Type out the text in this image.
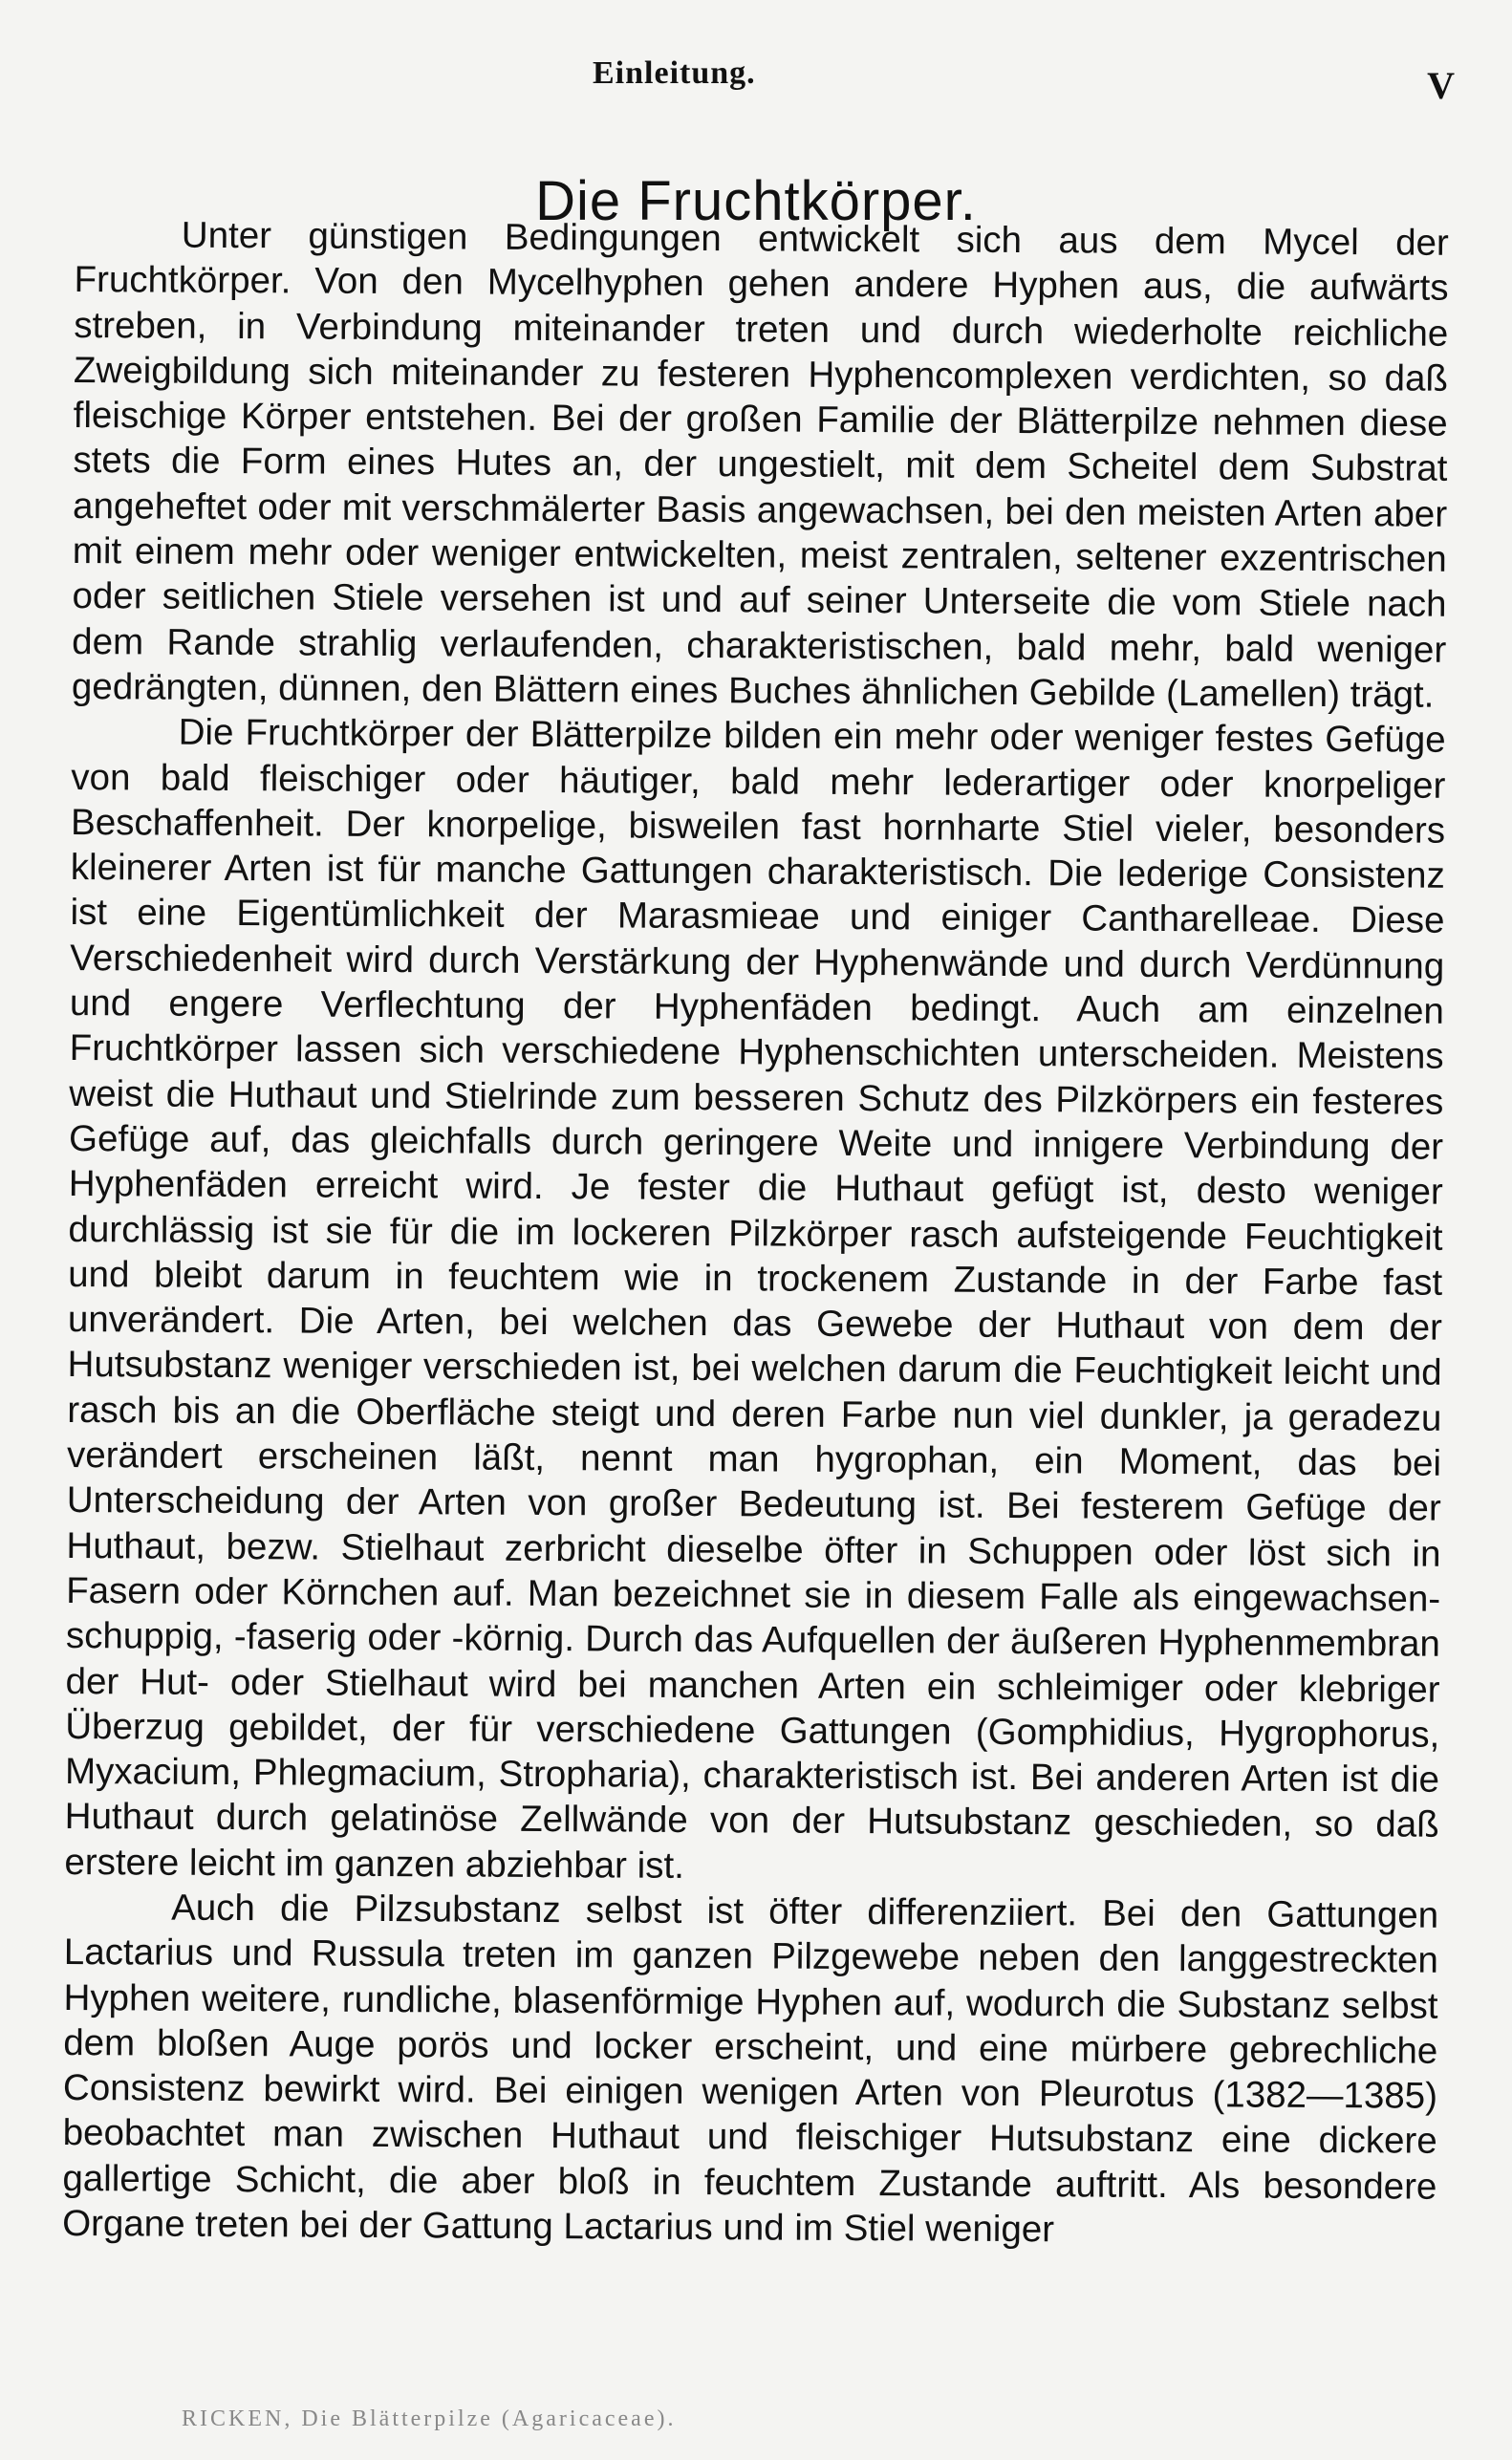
Einleitung.	V
Die Fruchtkörper.

Unter günstigen Bedingungen entwickelt sich aus dem Mycel der Fruchtkörper. Von den Mycelhyphen gehen andere Hyphen aus, die aufwärts streben, in Verbindung miteinander treten und durch wiederholte reichliche Zweigbildung sich miteinander zu festeren Hyphencomplexen verdichten, so daß fleischige Körper entstehen. Bei der großen Familie der Blätterpilze nehmen diese stets die Form eines Hutes an, der ungestielt, mit dem Scheitel dem Substrat angeheftet oder mit verschmälerter Basis angewachsen, bei den meisten Arten aber mit einem mehr oder weniger entwickelten, meist zentralen, seltener exzentrischen oder seitlichen Stiele versehen ist und auf seiner Unterseite die vom Stiele nach dem Rande strahlig verlaufenden, charakteristischen, bald mehr, bald weniger gedrängten, dünnen, den Blättern eines Buches ähnlichen Gebilde (Lamellen) trägt.

Die Fruchtkörper der Blätterpilze bilden ein mehr oder weniger festes Gefüge von bald fleischiger oder häutiger, bald mehr lederartiger oder knorpeliger Beschaffenheit. Der knorpelige, bisweilen fast hornharte Stiel vieler, besonders kleinerer Arten ist für manche Gattungen charakteristisch. Die lederige Consistenz ist eine Eigentümlichkeit der Marasmieae und einiger Cantharelleae. Diese Verschiedenheit wird durch Verstärkung der Hyphenwände und durch Verdünnung und engere Verflechtung der Hyphenfäden bedingt. Auch am einzelnen Fruchtkörper lassen sich verschiedene Hyphenschichten unterscheiden. Meistens weist die Huthaut und Stielrinde zum besseren Schutz des Pilzkörpers ein festeres Gefüge auf, das gleichfalls durch geringere Weite und innigere Verbindung der Hyphenfäden erreicht wird. Je fester die Huthaut gefügt ist, desto weniger durchlässig ist sie für die im lockeren Pilzkörper rasch aufsteigende Feuchtigkeit und bleibt darum in feuchtem wie in trockenem Zustande in der Farbe fast unverändert. Die Arten, bei welchen das Gewebe der Huthaut von dem der Hutsubstanz weniger verschieden ist, bei welchen darum die Feuchtigkeit leicht und rasch bis an die Oberfläche steigt und deren Farbe nun viel dunkler, ja geradezu verändert erscheinen läßt, nennt man hygrophan, ein Moment, das bei Unterscheidung der Arten von großer Bedeutung ist. Bei festerem Gefüge der Huthaut, bezw. Stielhaut zerbricht dieselbe öfter in Schuppen oder löst sich in Fasern oder Körnchen auf. Man bezeichnet sie in diesem Falle als eingewachsen-schuppig, -faserig oder -körnig. Durch das Aufquellen der äußeren Hyphenmembran der Hut- oder Stielhaut wird bei manchen Arten ein schleimiger oder klebriger Überzug gebildet, der für verschiedene Gattungen (Gomphidius, Hygrophorus, Myxacium, Phlegmacium, Stropharia), charakteristisch ist. Bei anderen Arten ist die Huthaut durch gelatinöse Zellwände von der Hutsubstanz geschieden, so daß erstere leicht im ganzen abziehbar ist.

Auch die Pilzsubstanz selbst ist öfter differenziiert. Bei den Gattungen Lactarius und Russula treten im ganzen Pilzgewebe neben den langgestreckten Hyphen weitere, rundliche, blasenförmige Hyphen auf, wodurch die Substanz selbst dem bloßen Auge porös und locker erscheint, und eine mürbere gebrechliche Consistenz bewirkt wird. Bei einigen wenigen Arten von Pleurotus (1382—1385) beobachtet man zwischen Huthaut und fleischiger Hutsubstanz eine dickere gallertige Schicht, die aber bloß in feuchtem Zustande auftritt. Als besondere Organe treten bei der Gattung Lactarius und im Stiel weniger

RICKEN, Die Blätterpilze (Agaricaceae).
